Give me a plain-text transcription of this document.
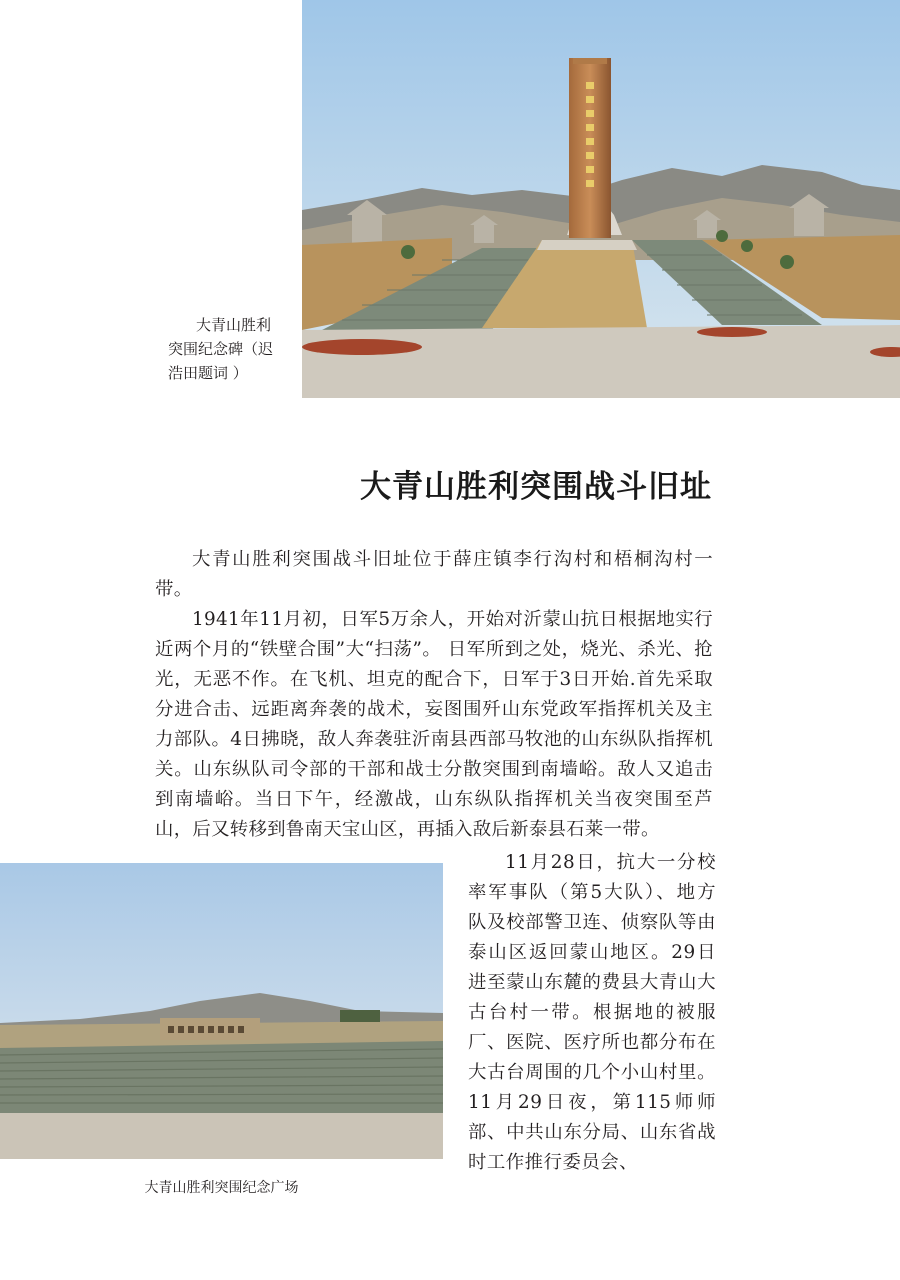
大青山胜利
突围纪念碑（迟
浩田题词 ）
大青山胜利突围战斗旧址

大青山胜利突围战斗旧址位于薛庄镇李行沟村和梧桐沟村一带。

1941年11月初，日军5万余人，开始对沂蒙山抗日根据地实行近两个月的“铁壁合围”大“扫荡”。 日军所到之处，烧光、杀光、抢光，无恶不作。在飞机、坦克的配合下，日军于3日开始.首先采取分进合击、远距离奔袭的战术，妄图围歼山东党政军指挥机关及主力部队。4日拂晓，敌人奔袭驻沂南县西部马牧池的山东纵队指挥机关。山东纵队司令部的干部和战士分散突围到南墙峪。敌人又追击到南墙峪。当日下午，经激战，山东纵队指挥机关当夜突围至芦山，后又转移到鲁南天宝山区，再插入敌后新泰县石莱一带。

大青山胜利突围纪念广场

11月28日，抗大一分校率军事队（第5大队）、地方队及校部警卫连、侦察队等由泰山区返回蒙山地区。29日进至蒙山东麓的费县大青山大古台村一带。根据地的被服厂、医院、医疗所也都分布在大古台周围的几个小山村里。11月29日夜，第115师师部、中共山东分局、山东省战时工作推行委员会、
